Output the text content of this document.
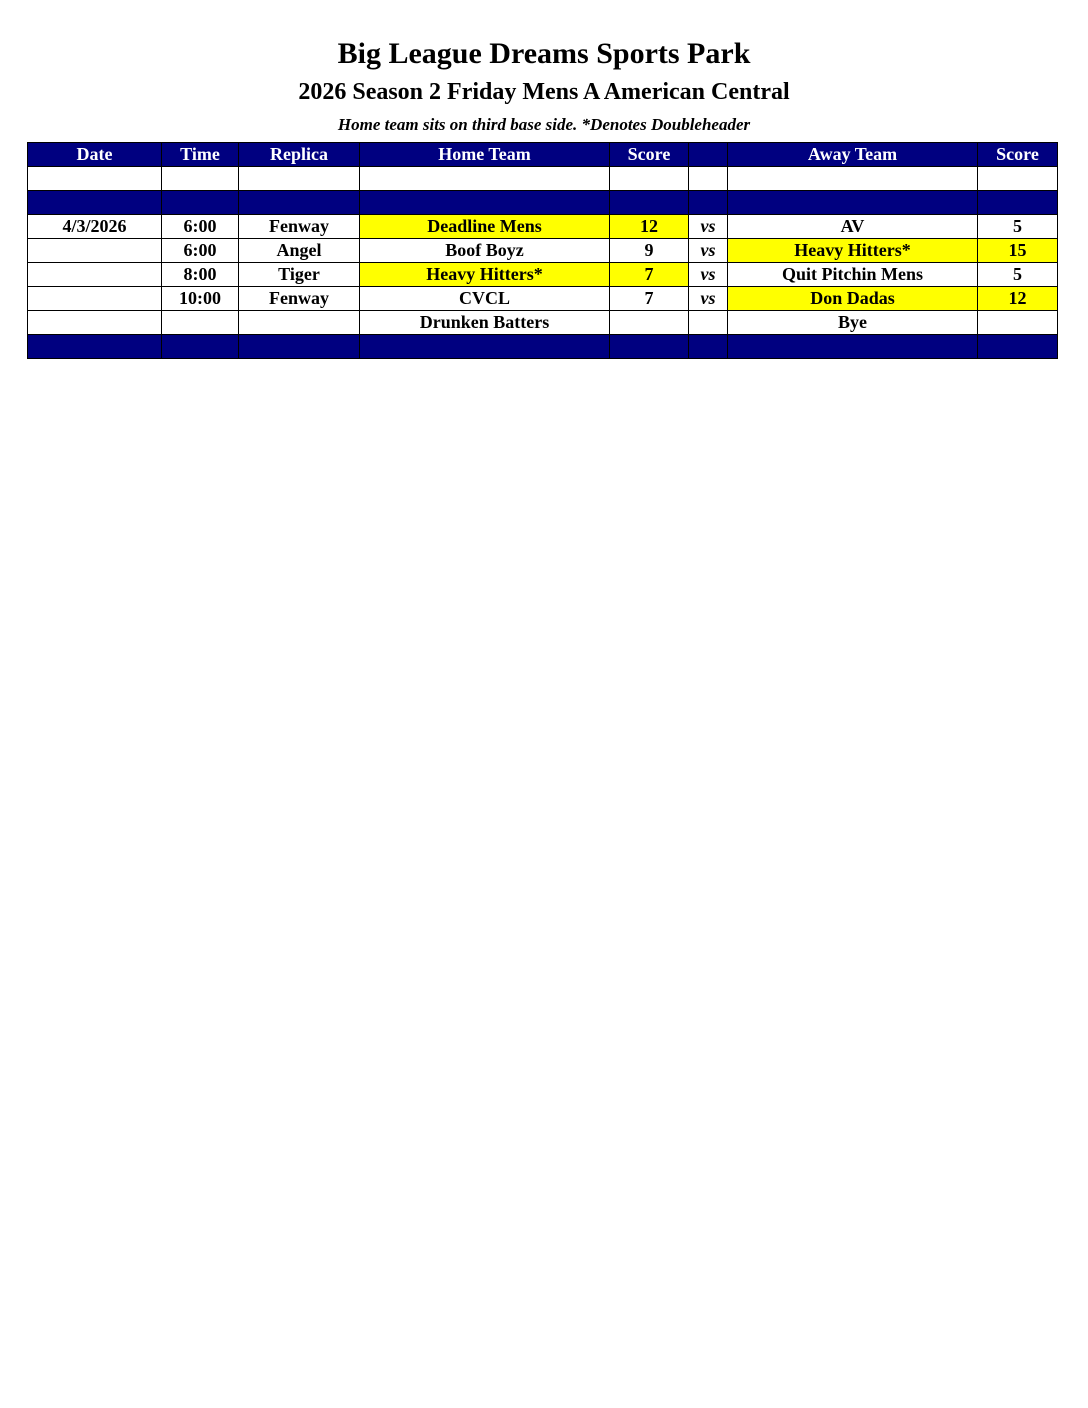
Big League Dreams Sports Park
2026 Season 2 Friday Mens A American Central
Home team sits on third base side. *Denotes Doubleheader
Date	Time	Replica	Home Team	Score		Away Team	Score

4/3/2026	6:00	Fenway	Deadline Mens	12	vs	AV	5
	6:00	Angel	Boof Boyz	9	vs	Heavy Hitters*	15
	8:00	Tiger	Heavy Hitters*	7	vs	Quit Pitchin Mens	5
	10:00	Fenway	CVCL	7	vs	Don Dadas	12
			Drunken Batters			Bye	
